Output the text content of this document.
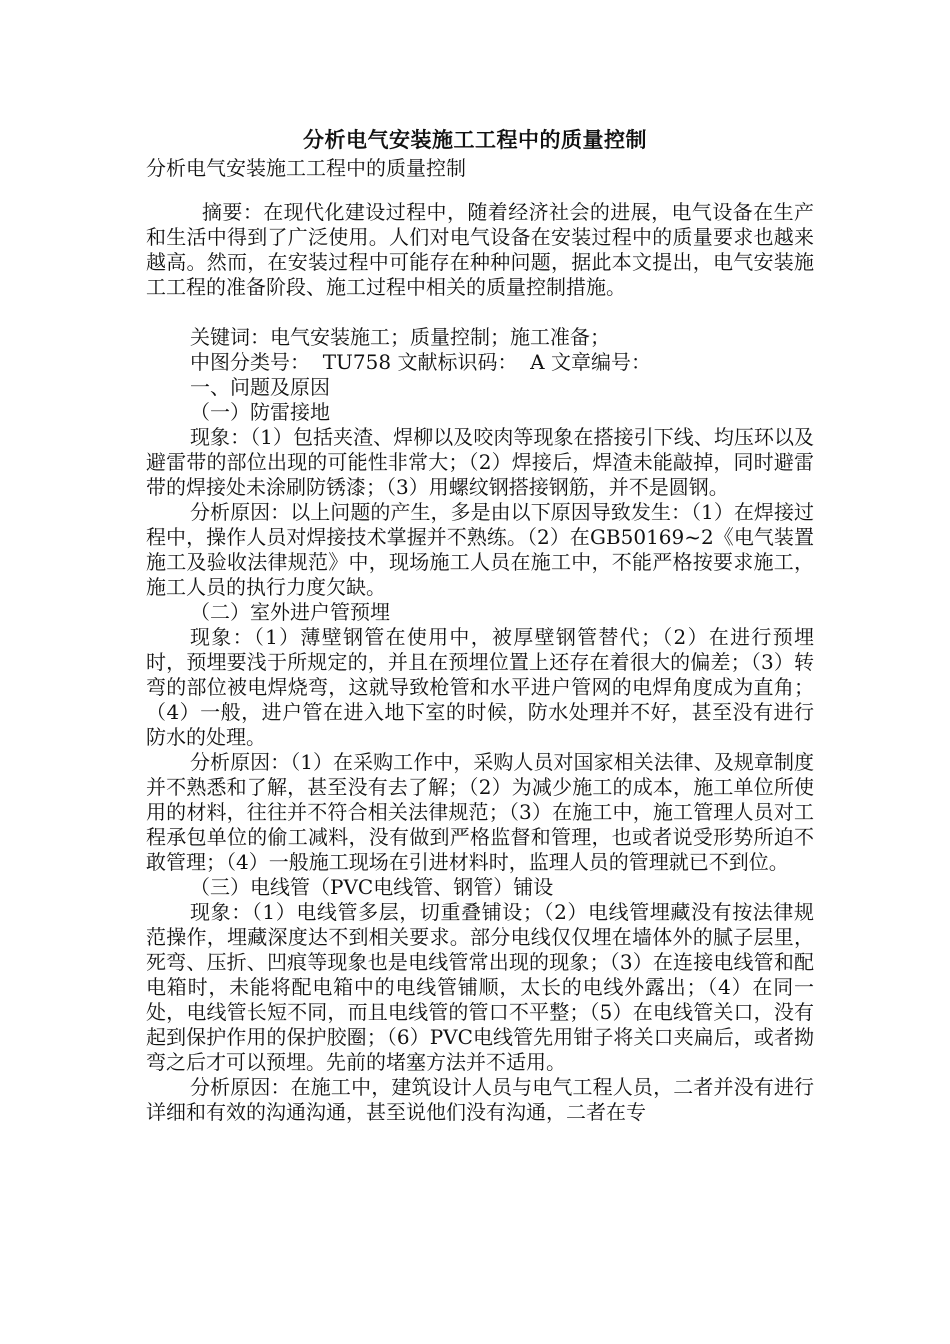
分析电气安装施工工程中的质量控制
分析电气安装施工工程中的质量控制

摘要：在现代化建设过程中，随着经济社会的进展，电气设备在生产和生活中得到了广泛使用。人们对电气设备在安装过程中的质量要求也越来越高。然而，在安装过程中可能存在种种问题，据此本文提出，电气安装施工工程的准备阶段、施工过程中相关的质量控制措施。

关键词：电气安装施工；质量控制；施工准备；

中图分类号：  TU758 文献标识码：  A 文章编号：

一、问题及原因

（一）防雷接地

现象：（1）包括夹渣、焊柳以及咬肉等现象在搭接引下线、均压环以及避雷带的部位出现的可能性非常大；（2）焊接后，焊渣未能敲掉，同时避雷带的焊接处未涂刷防锈漆；（3）用螺纹钢搭接钢筋，并不是圆钢。

分析原因：以上问题的产生，多是由以下原因导致发生：（1）在焊接过程中，操作人员对焊接技术掌握并不熟练。（2）在GB50169~2《电气装置施工及验收法律规范》中，现场施工人员在施工中，不能严格按要求施工，施工人员的执行力度欠缺。

（二）室外进户管预埋

现象：（1）薄壁钢管在使用中，被厚壁钢管替代；（2）在进行预埋时，预埋要浅于所规定的，并且在预埋位置上还存在着很大的偏差；（3）转弯的部位被电焊烧弯，这就导致枪管和水平进户管网的电焊角度成为直角；（4）一般，进户管在进入地下室的时候，防水处理并不好，甚至没有进行防水的处理。

分析原因：（1）在采购工作中，采购人员对国家相关法律、及规章制度并不熟悉和了解，甚至没有去了解；（2）为减少施工的成本，施工单位所使用的材料，往往并不符合相关法律规范；（3）在施工中，施工管理人员对工程承包单位的偷工减料，没有做到严格监督和管理，也或者说受形势所迫不敢管理；（4）一般施工现场在引进材料时，监理人员的管理就已不到位。

（三）电线管（PVC电线管、钢管）铺设

现象：（1）电线管多层，切重叠铺设；（2）电线管埋藏没有按法律规范操作，埋藏深度达不到相关要求。部分电线仅仅埋在墙体外的腻子层里，死弯、压折、凹痕等现象也是电线管常出现的现象；（3）在连接电线管和配电箱时，未能将配电箱中的电线管铺顺，太长的电线外露出；（4）在同一处，电线管长短不同，而且电线管的管口不平整；（5）在电线管关口，没有起到保护作用的保护胶圈；（6）PVC电线管先用钳子将关口夹扁后，或者拗弯之后才可以预埋。先前的堵塞方法并不适用。

分析原因：在施工中，建筑设计人员与电气工程人员，二者并没有进行详细和有效的沟通沟通，甚至说他们没有沟通，二者在专
